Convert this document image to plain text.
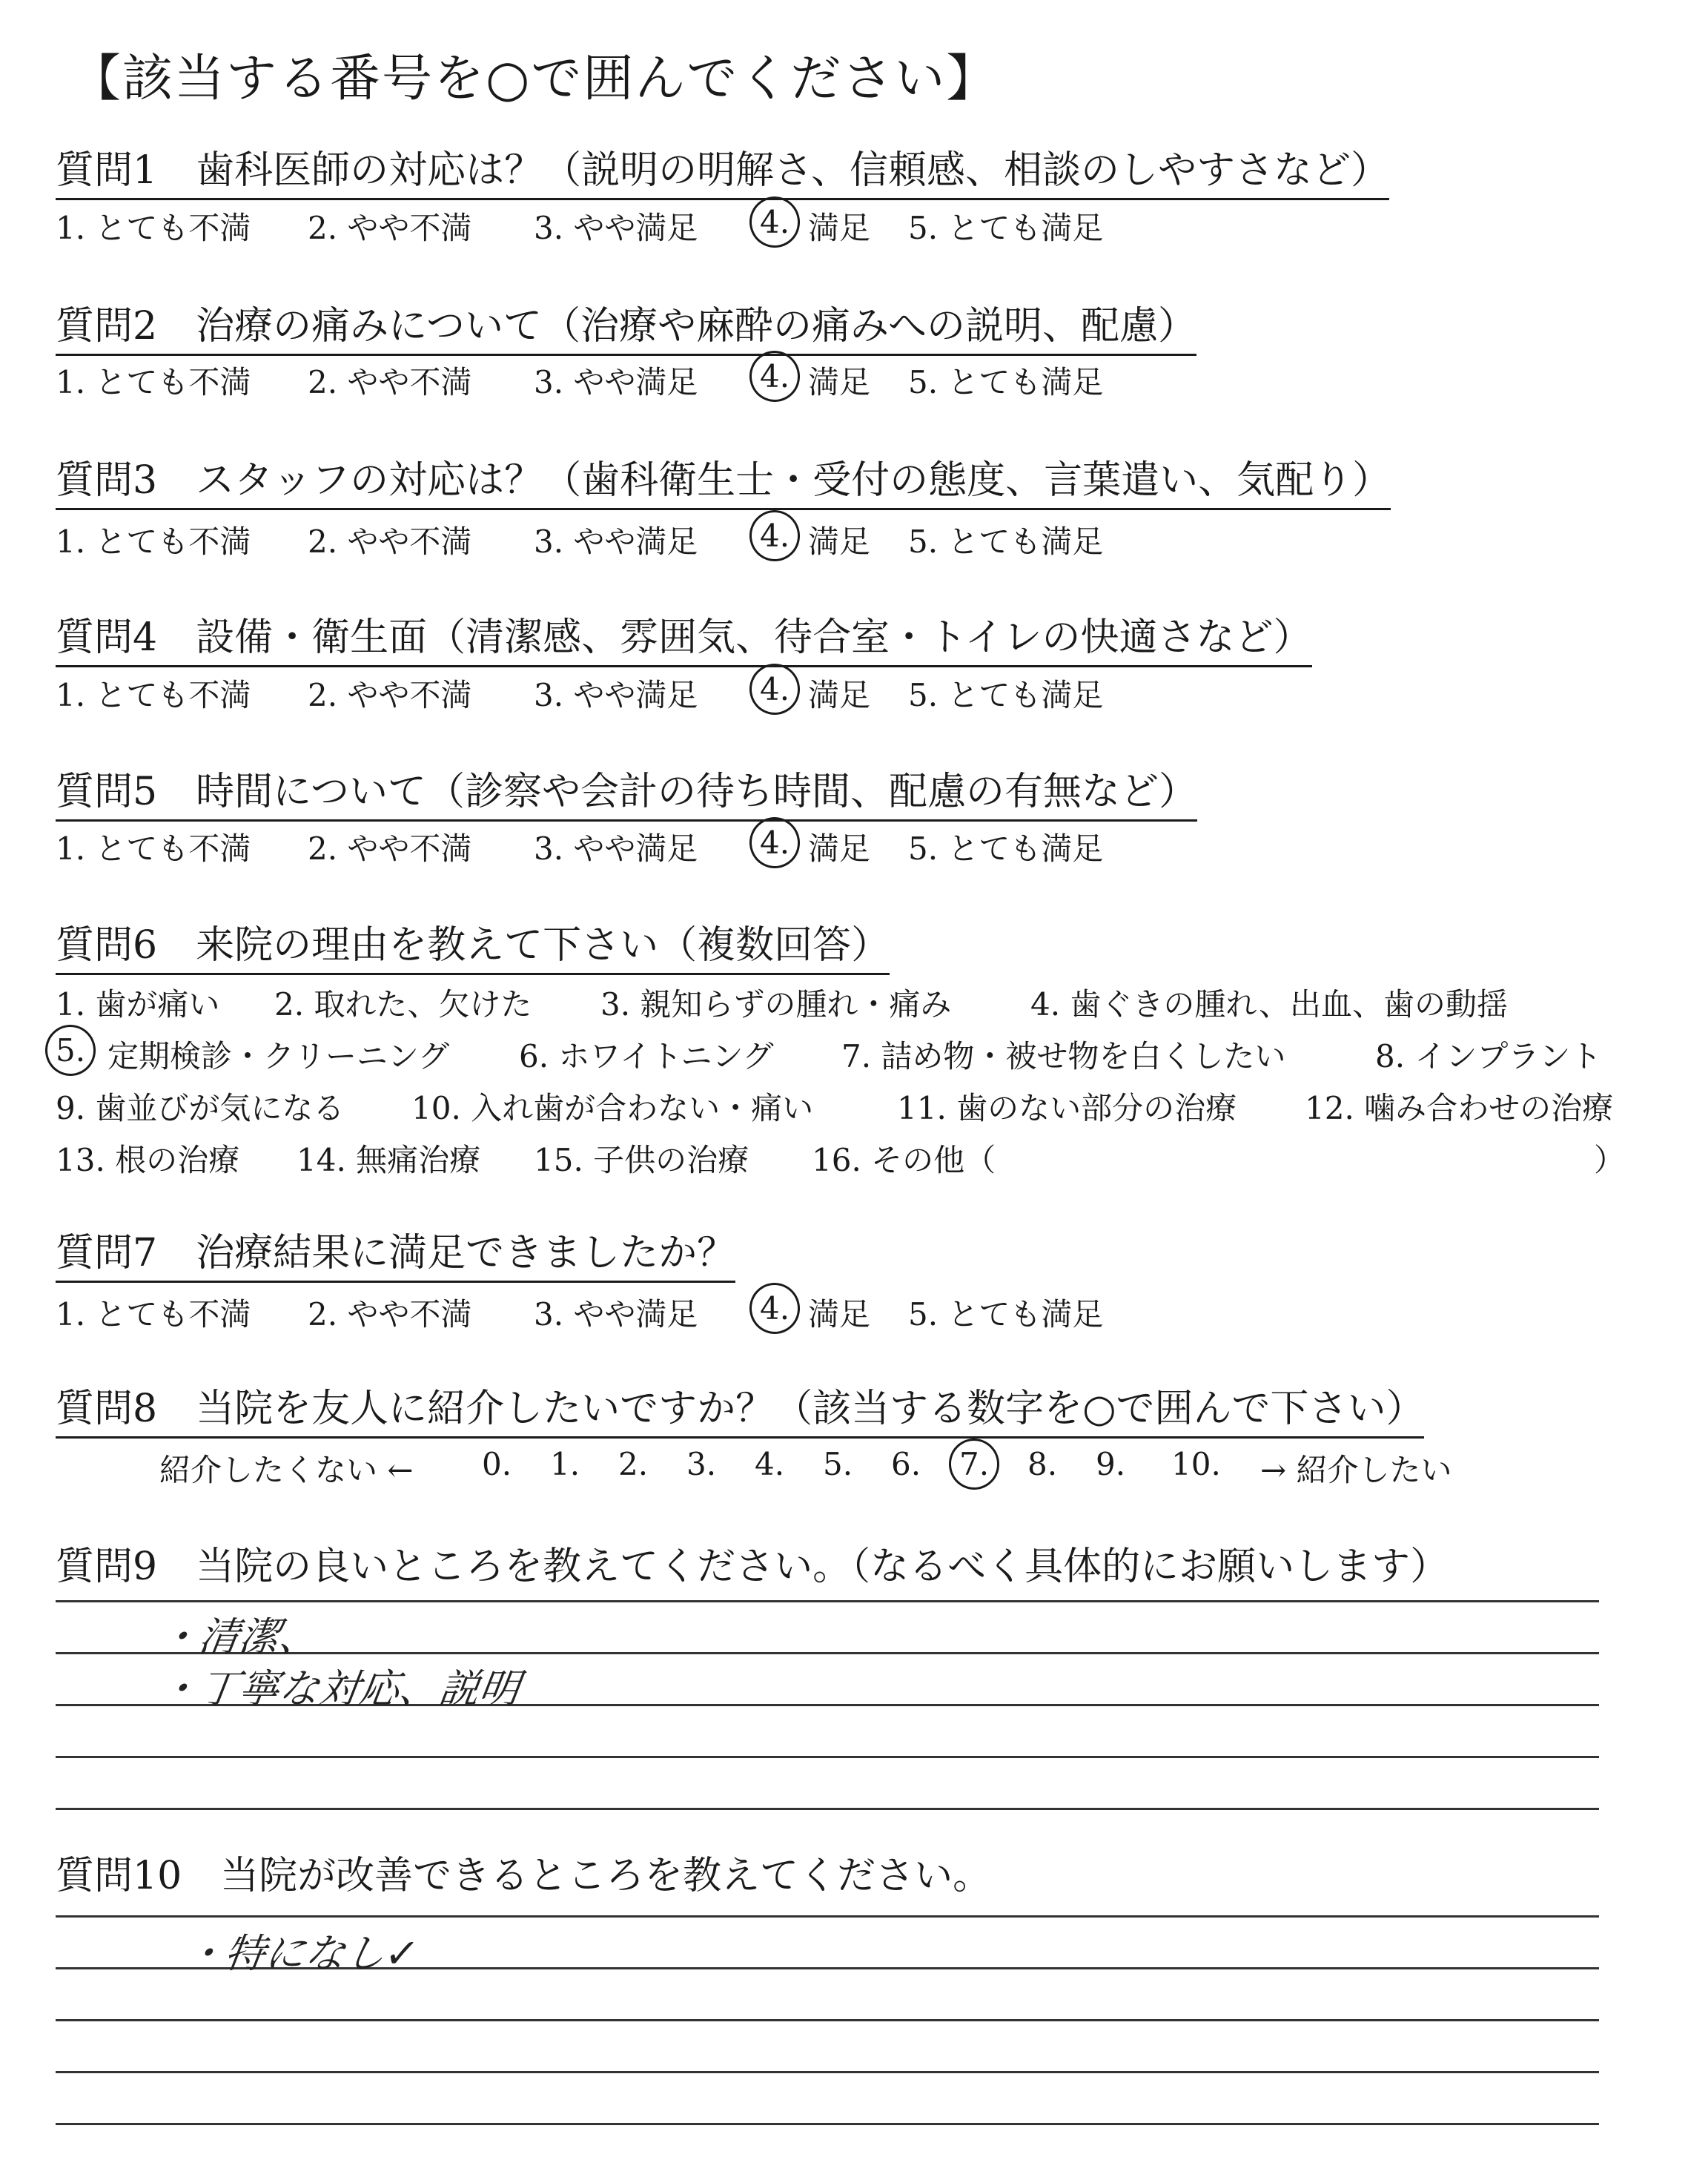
【該当する番号を○で囲んでください】
質問1　歯科医師の対応は？（説明の明解さ、信頼感、相談のしやすさなど）
1. とても不満 2. やや不満 3. やや満足 4. 満足 5. とても満足
質問2　治療の痛みについて（治療や麻酔の痛みへの説明、配慮）
1. とても不満 2. やや不満 3. やや満足 4. 満足 5. とても満足
質問3　スタッフの対応は？（歯科衛生士・受付の態度、言葉遣い、気配り）
1. とても不満 2. やや不満 3. やや満足 4. 満足 5. とても満足
質問4　設備・衛生面（清潔感、雰囲気、待合室・トイレの快適さなど）
1. とても不満 2. やや不満 3. やや満足 4. 満足 5. とても満足
質問5　時間について（診察や会計の待ち時間、配慮の有無など）
1. とても不満 2. やや不満 3. やや満足 4. 満足 5. とても満足
質問6　来院の理由を教えて下さい（複数回答）
1. 歯が痛い 2. 取れた、欠けた 3. 親知らずの腫れ・痛み	4. 歯ぐきの腫れ、出血、歯の動揺
5. 定期検診・クリーニング 6. ホワイトニング 7. 詰め物・被せ物を白くしたい	8. インプラント
9. 歯並びが気になる 10. 入れ歯が合わない・痛い	11. 歯のない部分の治療 12. 噛み合わせの治療
13. 根の治療 14. 無痛治療 15. 子供の治療 16. その他（	）
質問7　治療結果に満足できましたか？
1. とても不満 2. やや不満 3. やや満足 4. 満足 5. とても満足
質問8　当院を友人に紹介したいですか？（該当する数字を○で囲んで下さい）
紹介したくない ← 0. 1. 2. 3. 4. 5. 6. 7. 8. 9. 10. → 紹介したい
質問9　当院の良いところを教えてください。（なるべく具体的にお願いします）
・清潔、
・丁寧な対応、説明
質問10　当院が改善できるところを教えてください。
・特になし✓
